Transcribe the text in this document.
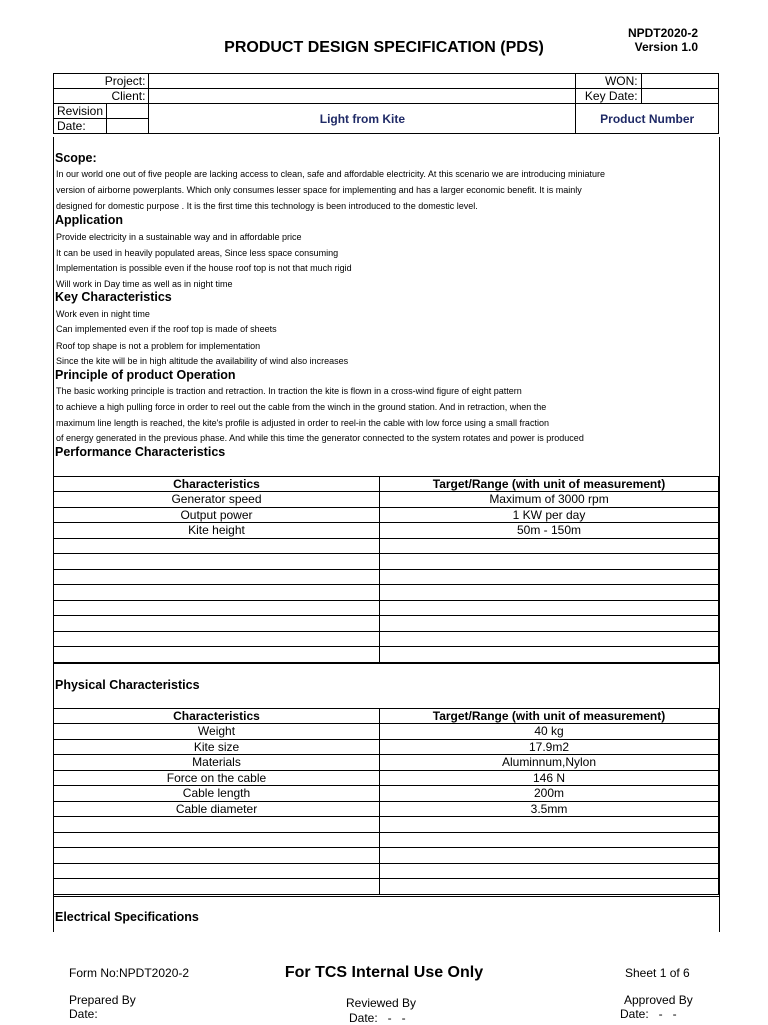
NPDT2020-2
Version 1.0
PRODUCT DESIGN SPECIFICATION (PDS)
Project:			WON:	
Client:			Key Date:	
Revision		Light from Kite	Product Number	
Date:				
Scope:
In our world one out of five people are lacking access to clean, safe and affordable electricity. At this scenario we are introducing miniature
version of airborne powerplants. Which only consumes lesser space for implementing and has a larger economic benefit. It is mainly
designed for domestic purpose . It is the first time this technology is been introduced to the domestic level.
Application
Provide electricity in a sustainable way and in affordable price
It can be used in heavily populated areas, Since less space consuming
Implementation is possible even if the house roof top is not that much rigid
Will work in Day time as well as in night time
Key Characteristics
Work even in night time
Can implemented even if the roof top is made of sheets
Roof top shape is not a problem for implementation
Since the kite will be in high altitude the availability of wind also increases
Principle of product Operation
The basic working principle is traction and retraction. In traction the kite is flown in a cross-wind figure of eight pattern
to achieve a high pulling force in order to reel out the cable from the winch in the ground station. And in retraction, when the
maximum line length is reached, the kite's profile is adjusted in order to reel-in the cable with low force using a small fraction
of energy generated in the previous phase. And while this time the generator connected to the system rotates and power is produced
Performance Characteristics
Characteristics	Target/Range (with unit of measurement)
Generator speed	Maximum of 3000 rpm
Output power	1 KW per day
Kite height	50m - 150m

Physical Characteristics
Characteristics	Target/Range (with unit of measurement)
Weight	40 kg
Kite size	17.9m2
Materials	Aluminnum,Nylon
Force on the cable	146 N
Cable length	200m
Cable diameter	3.5mm

Electrical Specifications
Form No:NPDT2020-2	For TCS Internal Use Only	Sheet 1 of 6
Prepared By
Date:
Reviewed By
Date:   -   -
Approved By
Date:   -   -
